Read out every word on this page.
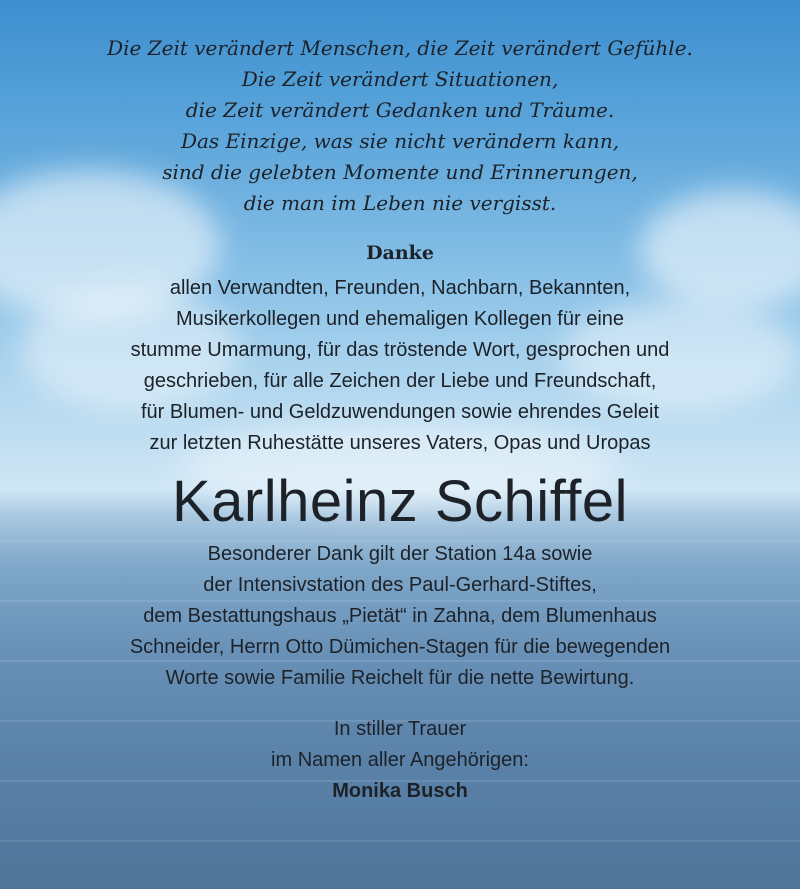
Die Zeit verändert Menschen, die Zeit verändert Gefühle.
Die Zeit verändert Situationen,
die Zeit verändert Gedanken und Träume.
Das Einzige, was sie nicht verändern kann,
sind die gelebten Momente und Erinnerungen,
die man im Leben nie vergisst.
Danke
allen Verwandten, Freunden, Nachbarn, Bekannten,
Musikerkollegen und ehemaligen Kollegen für eine
stumme Umarmung, für das tröstende Wort, gesprochen und
geschrieben, für alle Zeichen der Liebe und Freundschaft,
für Blumen- und Geldzuwendungen sowie ehrendes Geleit
zur letzten Ruhestätte unseres Vaters, Opas und Uropas
Karlheinz Schiffel
Besonderer Dank gilt der Station 14a sowie
der Intensivstation des Paul-Gerhard-Stiftes,
dem Bestattungshaus „Pietät“ in Zahna, dem Blumenhaus
Schneider, Herrn Otto Dümichen-Stagen für die bewegenden
Worte sowie Familie Reichelt für die nette Bewirtung.
In stiller Trauer
im Namen aller Angehörigen:
Monika Busch
